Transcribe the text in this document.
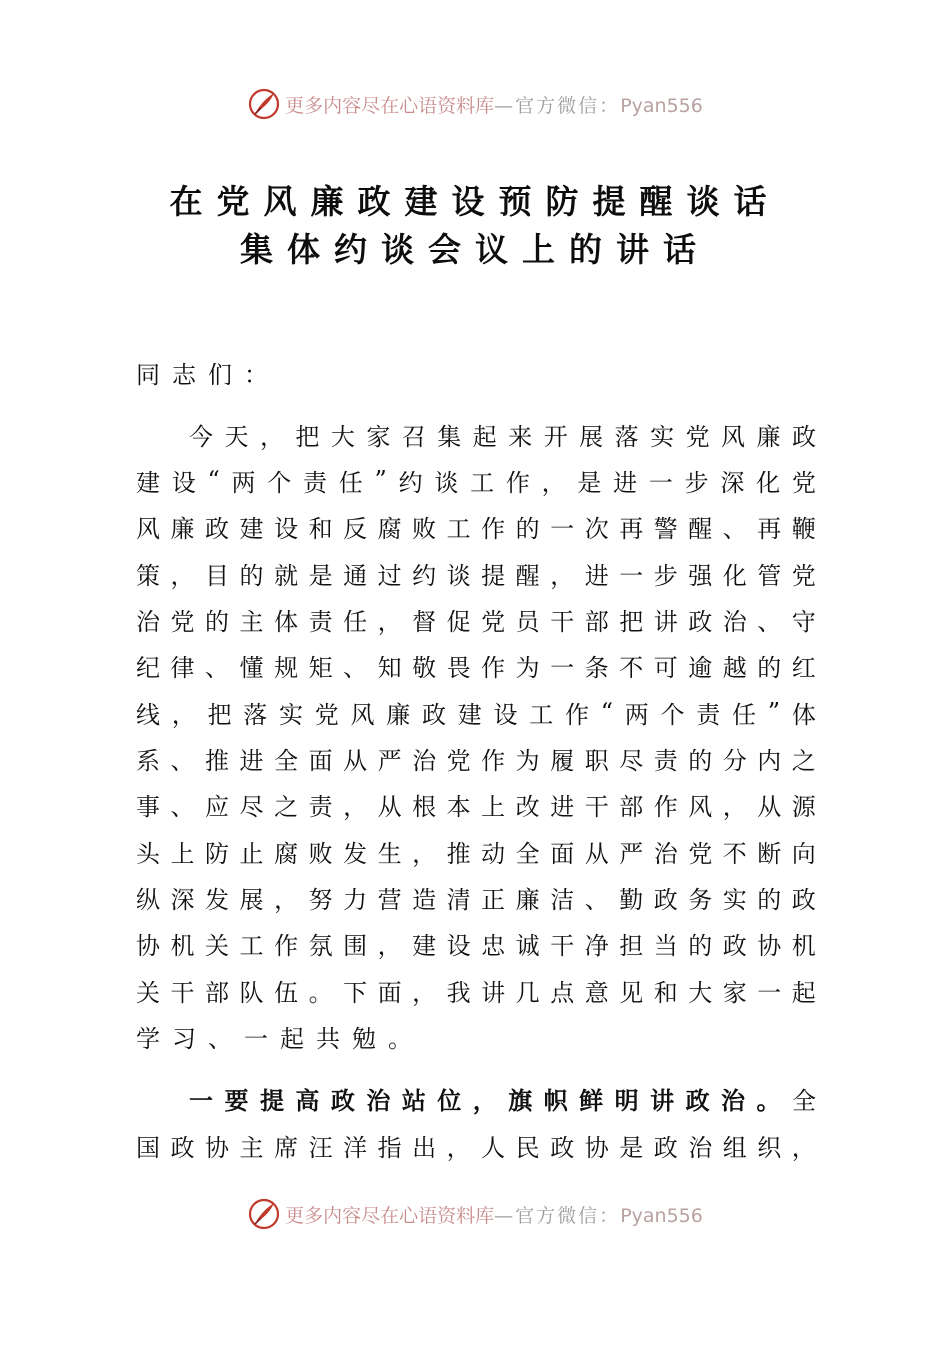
更多内容尽在心语资料库—官方微信：Pyan556
在党风廉政建设预防提醒谈话
集体约谈会议上的讲话
同志们：
今 天 ， 把 大 家 召 集 起 来 开 展 落 实 党 风 廉 政
建 设 “ 两 个 责 任 ” 约 谈 工 作 ， 是 进 一 步 深 化 党
风 廉 政 建 设 和 反 腐 败 工 作 的 一 次 再 警 醒 、 再 鞭
策 ， 目 的 就 是 通 过 约 谈 提 醒 ， 进 一 步 强 化 管 党
治 党 的 主 体 责 任 ， 督 促 党 员 干 部 把 讲 政 治 、 守
纪 律 、 懂 规 矩 、 知 敬 畏 作 为 一 条 不 可 逾 越 的 红
线 ， 把 落 实 党 风 廉 政 建 设 工 作 “ 两 个 责 任 ” 体
系 、 推 进 全 面 从 严 治 党 作 为 履 职 尽 责 的 分 内 之
事 、 应 尽 之 责 ， 从 根 本 上 改 进 干 部 作 风 ， 从 源
头 上 防 止 腐 败 发 生 ， 推 动 全 面 从 严 治 党 不 断 向
纵 深 发 展 ， 努 力 营 造 清 正 廉 洁 、 勤 政 务 实 的 政
协 机 关 工 作 氛 围 ， 建 设 忠 诚 干 净 担 当 的 政 协 机
关 干 部 队 伍 。 下 面 ， 我 讲 几 点 意 见 和 大 家 一 起
学习、一起共勉。
一 要 提 高 政 治 站 位 ， 旗 帜 鲜 明 讲 政 治 。 全
国 政 协 主 席 汪 洋 指 出 ， 人 民 政 协 是 政 治 组 织 ，
更多内容尽在心语资料库—官方微信：Pyan556
